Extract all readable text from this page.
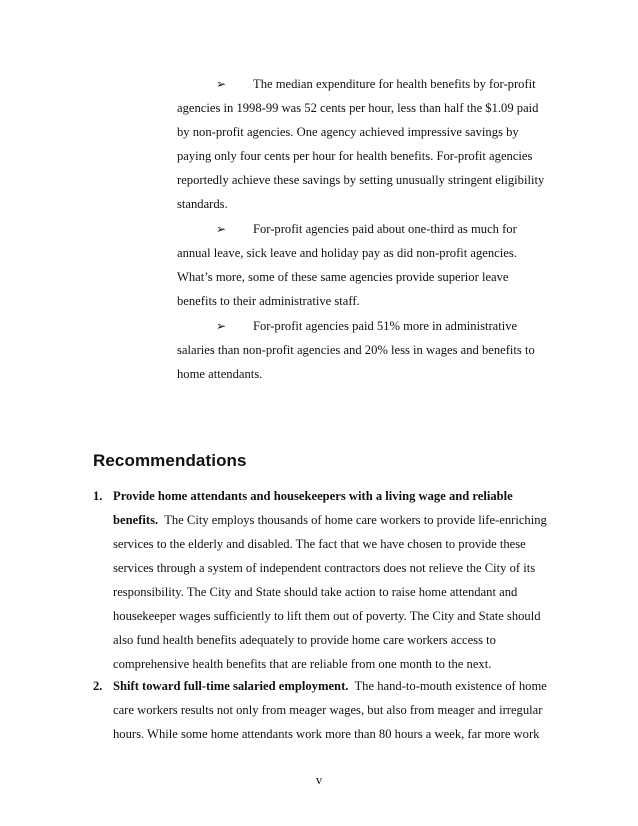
➢ The median expenditure for health benefits by for-profit
agencies in 1998-99 was 52 cents per hour, less than half the $1.09 paid
by non-profit agencies. One agency achieved impressive savings by
paying only four cents per hour for health benefits. For-profit agencies
reportedly achieve these savings by setting unusually stringent eligibility
standards.
➢ For-profit agencies paid about one-third as much for
annual leave, sick leave and holiday pay as did non-profit agencies.
What’s more, some of these same agencies provide superior leave
benefits to their administrative staff.
➢ For-profit agencies paid 51% more in administrative
salaries than non-profit agencies and 20% less in wages and benefits to
home attendants.
Recommendations
1. Provide home attendants and housekeepers with a living wage and reliable
benefits.  The City employs thousands of home care workers to provide life-enriching
services to the elderly and disabled. The fact that we have chosen to provide these
services through a system of independent contractors does not relieve the City of its
responsibility. The City and State should take action to raise home attendant and
housekeeper wages sufficiently to lift them out of poverty. The City and State should
also fund health benefits adequately to provide home care workers access to
comprehensive health benefits that are reliable from one month to the next.
2. Shift toward full-time salaried employment.  The hand-to-mouth existence of home
care workers results not only from meager wages, but also from meager and irregular
hours. While some home attendants work more than 80 hours a week, far more work
v
